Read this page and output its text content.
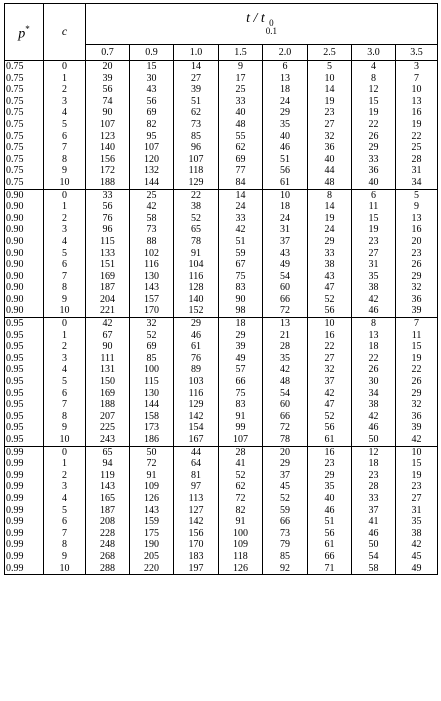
p*	c	t / t 0
0.1							

		0.7	0.9	1.0	1.5	2.0	2.5	3.0	3.5
0.75	0	20	15	14	9	6	5	4	3
0.75	1	39	30	27	17	13	10	8	7
0.75	2	56	43	39	25	18	14	12	10
0.75	3	74	56	51	33	24	19	15	13
0.75	4	90	69	62	40	29	23	19	16
0.75	5	107	82	73	48	35	27	22	19
0.75	6	123	95	85	55	40	32	26	22
0.75	7	140	107	96	62	46	36	29	25
0.75	8	156	120	107	69	51	40	33	28
0.75	9	172	132	118	77	56	44	36	31
0.75	10	188	144	129	84	61	48	40	34
0.90	0	33	25	22	14	10	8	6	5
0.90	1	56	42	38	24	18	14	11	9
0.90	2	76	58	52	33	24	19	15	13
0.90	3	96	73	65	42	31	24	19	16
0.90	4	115	88	78	51	37	29	23	20
0.90	5	133	102	91	59	43	33	27	23
0.90	6	151	116	104	67	49	38	31	26
0.90	7	169	130	116	75	54	43	35	29
0.90	8	187	143	128	83	60	47	38	32
0.90	9	204	157	140	90	66	52	42	36
0.90	10	221	170	152	98	72	56	46	39
0.95	0	42	32	29	18	13	10	8	7
0.95	1	67	52	46	29	21	16	13	11
0.95	2	90	69	61	39	28	22	18	15
0.95	3	111	85	76	49	35	27	22	19
0.95	4	131	100	89	57	42	32	26	22
0.95	5	150	115	103	66	48	37	30	26
0.95	6	169	130	116	75	54	42	34	29
0.95	7	188	144	129	83	60	47	38	32
0.95	8	207	158	142	91	66	52	42	36
0.95	9	225	173	154	99	72	56	46	39
0.95	10	243	186	167	107	78	61	50	42
0.99	0	65	50	44	28	20	16	12	10
0.99	1	94	72	64	41	29	23	18	15
0.99	2	119	91	81	52	37	29	23	19
0.99	3	143	109	97	62	45	35	28	23
0.99	4	165	126	113	72	52	40	33	27
0.99	5	187	143	127	82	59	46	37	31
0.99	6	208	159	142	91	66	51	41	35
0.99	7	228	175	156	100	73	56	46	38
0.99	8	248	190	170	109	79	61	50	42
0.99	9	268	205	183	118	85	66	54	45
0.99	10	288	220	197	126	92	71	58	49
